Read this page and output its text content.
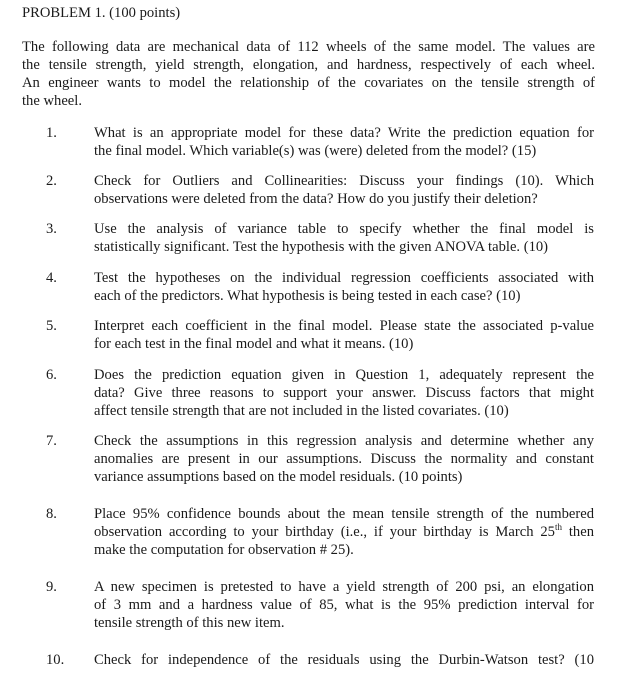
PROBLEM 1. (100 points)
The following data are mechanical data of 112 wheels of the same model. The values are
the tensile strength, yield strength, elongation, and hardness, respectively of each wheel.
An engineer wants to model the relationship of the covariates on the tensile strength of
the wheel.
1.	What is an appropriate model for these data? Write the prediction equation for
the final model. Which variable(s) was (were) deleted from the model? (15)
2.	Check for Outliers and Collinearities: Discuss your findings (10). Which
observations were deleted from the data? How do you justify their deletion?
3.	Use the analysis of variance table to specify whether the final model is
statistically significant. Test the hypothesis with the given ANOVA table. (10)
4.	Test the hypotheses on the individual regression coefficients associated with
each of the predictors. What hypothesis is being tested in each case? (10)
5.	Interpret each coefficient in the final model. Please state the associated p-value
for each test in the final model and what it means. (10)
6.	Does the prediction equation given in Question 1, adequately represent the
data? Give three reasons to support your answer. Discuss factors that might
affect tensile strength that are not included in the listed covariates. (10)
7.	Check the assumptions in this regression analysis and determine whether any
anomalies are present in our assumptions. Discuss the normality and constant
variance assumptions based on the model residuals. (10 points)
8.	Place 95% confidence bounds about the mean tensile strength of the numbered
observation according to your birthday (i.e., if your birthday is March 25th then
make the computation for observation # 25).
9.	A new specimen is pretested to have a yield strength of 200 psi, an elongation
of 3 mm and a hardness value of 85, what is the 95% prediction interval for
tensile strength of this new item.
10.	Check for independence of the residuals using the Durbin-Watson test? (10
